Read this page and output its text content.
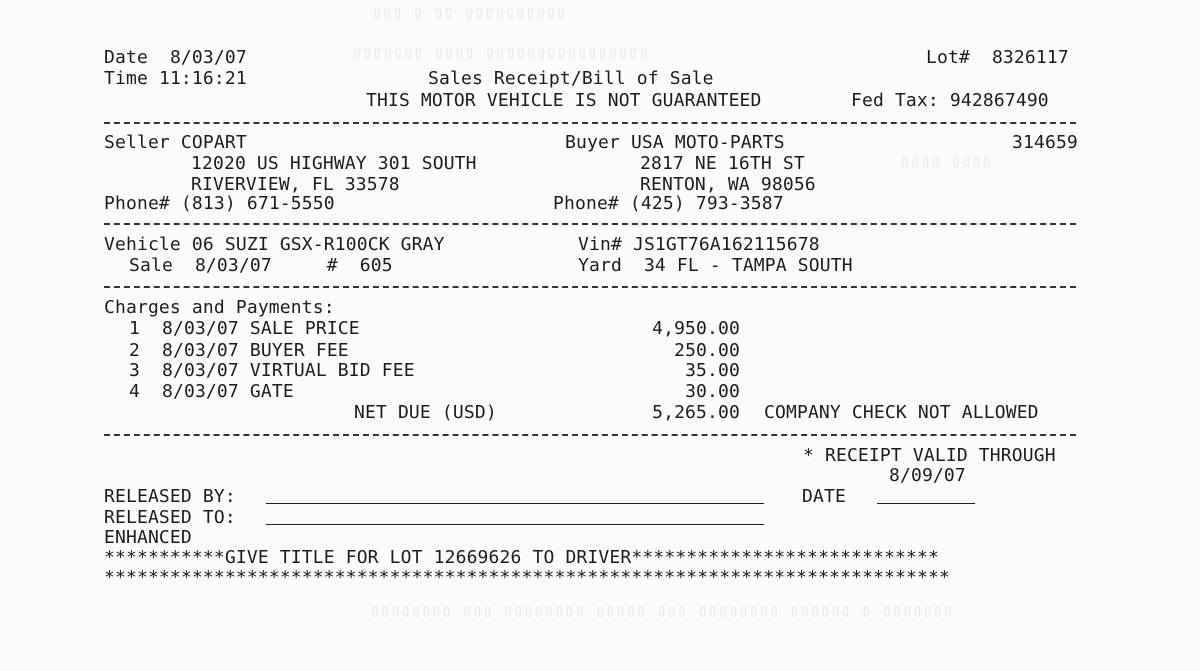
▯▯▯ ▯ ▯▯ ▯▯▯▯▯▯▯▯▯▯
▯▯▯▯▯▯▯ ▯▯▯▯ ▯▯▯▯▯▯▯▯▯▯▯▯▯▯▯▯
▯▯▯▯ ▯▯▯▯
▯▯▯▯▯▯▯▯ ▯▯▯ ▯▯▯▯▯▯▯▯ ▯▯▯▯▯ ▯▯▯ ▯▯▯▯▯▯▯▯ ▯▯▯▯▯▯ ▯ ▯▯▯▯▯▯▯
Date 8/03/07
Time 11:16:21
Lot# 8326117
Sales Receipt/Bill of Sale
THIS MOTOR VEHICLE IS NOT GUARANTEED	Fed Tax: 942867490
Seller COPART
12020 US HIGHWAY 301 SOUTH
RIVERVIEW, FL 33578
Phone# (813) 671-5550
Buyer USA MOTO-PARTS	314659
2817 NE 16TH ST
RENTON, WA 98056
Phone# (425) 793-3587
Vehicle 06 SUZI GSX-R100CK GRAY	Vin# JS1GT76A162115678
Sale 8/03/07	# 605	Yard 34 FL - TAMPA SOUTH
Charges and Payments:
1 8/03/07 SALE PRICE	4,950.00
2 8/03/07 BUYER FEE	250.00
3 8/03/07 VIRTUAL BID FEE	35.00
4 8/03/07 GATE	30.00
NET DUE (USD)	5,265.00 COMPANY CHECK NOT ALLOWED
* RECEIPT VALID THROUGH
8/09/07
RELEASED BY:	DATE
RELEASED TO:
ENHANCED
***********GIVE TITLE FOR LOT 12669626 TO DRIVER****************************
*****************************************************************************
